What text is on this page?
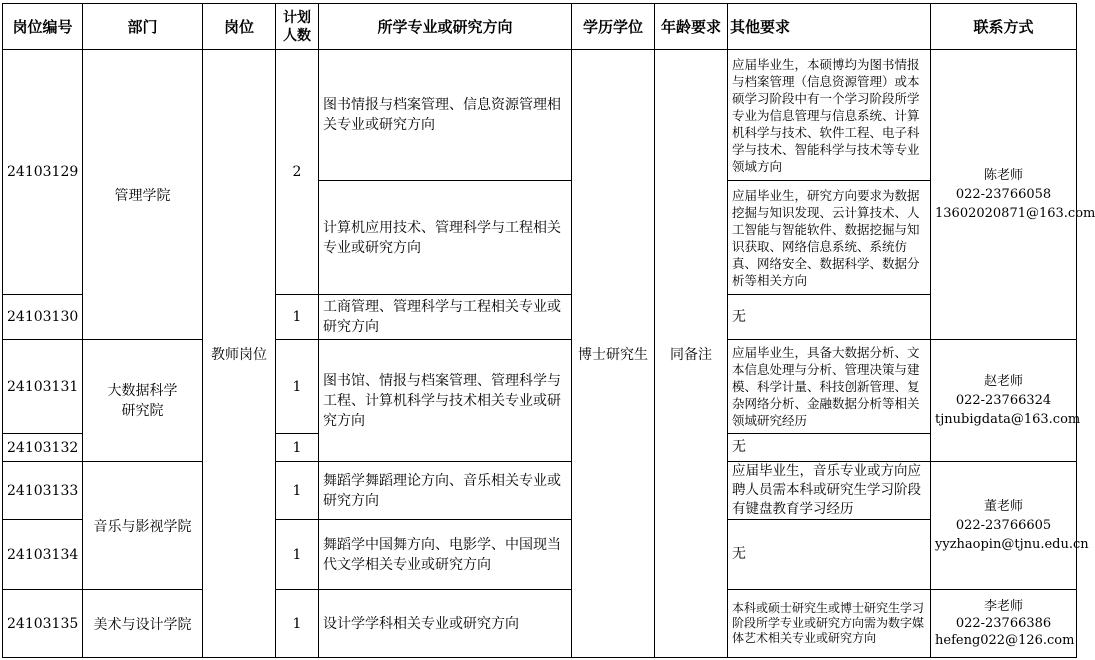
岗位编号	部门	岗位	计划人数	所学专业或研究方向	学历学位	年龄要求	其他要求	联系方式
24103129	管理学院	教师岗位	2	图书情报与档案管理、信息资源管理相关专业或研究方向	博士研究生	同备注	应届毕业生，本硕博均为图书情报与档案管理（信息资源管理）或本硕学习阶段中有一个学习阶段所学专业为信息管理与信息系统、计算机科学与技术、软件工程、电子科学与技术、智能科学与技术等专业领域方向	陈老师
022-23766058
13602020871@163.com

				计算机应用技术、管理科学与工程相关专业或研究方向			应届毕业生，研究方向要求为数据挖掘与知识发现、云计算技术、人工智能与智能软件、数据挖掘与知识获取、网络信息系统、系统仿真、网络安全、数据科学、数据分析等相关方向	
24103130			1	工商管理、管理科学与工程相关专业或研究方向			无	
24103131	大数据科学研究院		1	图书馆、情报与档案管理、管理科学与工程、计算机科学与技术相关专业或研究方向			应届毕业生，具备大数据分析、文本信息处理与分析、管理决策与建模、科学计量、科技创新管理、复杂网络分析、金融数据分析等相关领域研究经历	赵老师
022-23766324
tjnubigdata@163.com

24103132			1				无	
24103133	音乐与影视学院		1	舞蹈学舞蹈理论方向、音乐相关专业或研究方向			应届毕业生，音乐专业或方向应聘人员需本科或研究生学习阶段有键盘教育学习经历	董老师
022-23766605
yyzhaopin@tjnu.edu.cn

24103134			1	舞蹈学中国舞方向、电影学、中国现当代文学相关专业或研究方向			无	
24103135	美术与设计学院		1	设计学学科相关专业或研究方向			本科或硕士研究生或博士研究生学习阶段所学专业或研究方向需为数字媒体艺术相关专业或研究方向	李老师
022-23766386
hefeng022@126.com
